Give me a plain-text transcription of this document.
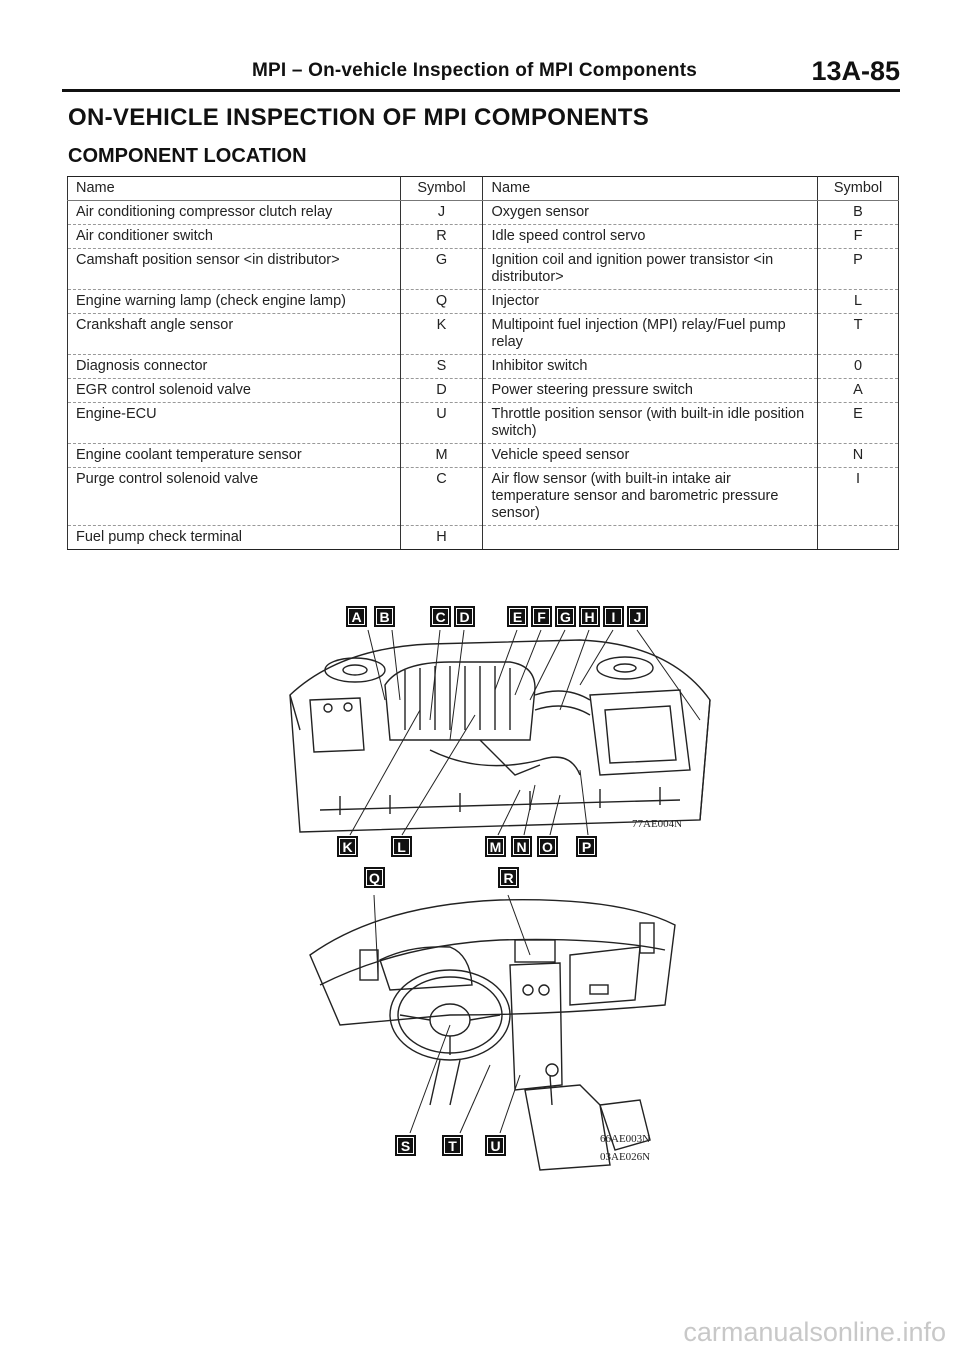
MPI – On-vehicle Inspection of MPI Components	13A-85
ON-VEHICLE INSPECTION OF MPI COMPONENTS
COMPONENT LOCATION
Name	Symbol	Name	Symbol
Air conditioning compressor clutch relay	J	Oxygen sensor	B
Air conditioner switch	R	Idle speed control servo	F
Camshaft position sensor <in distributor>	G	Ignition coil and ignition power transistor <in distributor>	P
Engine warning lamp (check engine lamp)	Q	Injector	L
Crankshaft angle sensor	K	Multipoint fuel injection (MPI) relay/Fuel pump relay	T
Diagnosis connector	S	Inhibitor switch	0
EGR control solenoid valve	D	Power steering pressure switch	A
Engine-ECU	U	Throttle position sensor (with built-in idle position switch)	E
Engine coolant temperature sensor	M	Vehicle speed sensor	N
Purge control solenoid valve	C	Air flow sensor (with built-in intake air temperature sensor and barometric pressure sensor)	I
Fuel pump check terminal	H		
A	B	C D	E	F	G H	I	J
K	L	M	N	O	P
77AE004N
Q	R
S	T	U	66AE003N
03AE026N
carmanualsonline.info
